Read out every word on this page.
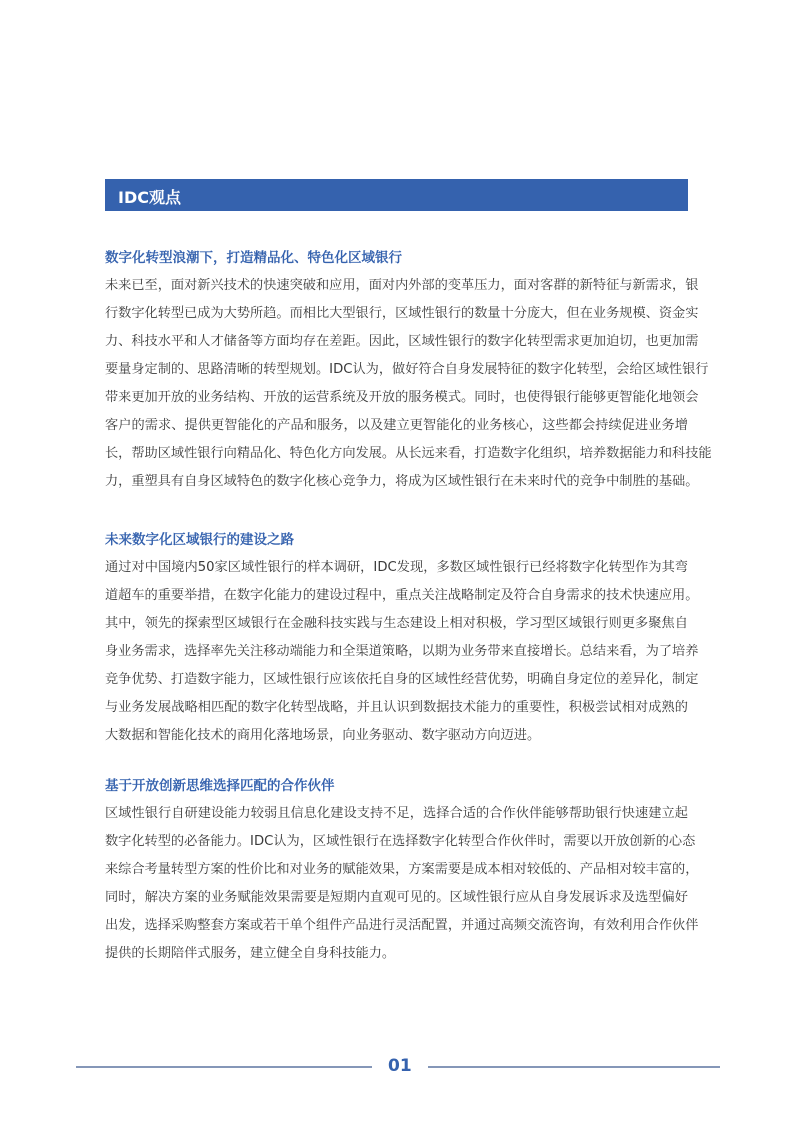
IDC观点
数字化转型浪潮下，打造精品化、特色化区域银行
未来已至，面对新兴技术的快速突破和应用，面对内外部的变革压力，面对客群的新特征与新需求，银
行数字化转型已成为大势所趋。而相比大型银行，区域性银行的数量十分庞大，但在业务规模、资金实
力、科技水平和人才储备等方面均存在差距。因此，区域性银行的数字化转型需求更加迫切，也更加需
要量身定制的、思路清晰的转型规划。IDC认为，做好符合自身发展特征的数字化转型，会给区域性银行
带来更加开放的业务结构、开放的运营系统及开放的服务模式。同时，也使得银行能够更智能化地领会
客户的需求、提供更智能化的产品和服务，以及建立更智能化的业务核心，这些都会持续促进业务增
长，帮助区域性银行向精品化、特色化方向发展。从长远来看，打造数字化组织，培养数据能力和科技能
力，重塑具有自身区域特色的数字化核心竞争力，将成为区域性银行在未来时代的竞争中制胜的基础。
未来数字化区域银行的建设之路
通过对中国境内50家区域性银行的样本调研，IDC发现，多数区域性银行已经将数字化转型作为其弯
道超车的重要举措，在数字化能力的建设过程中，重点关注战略制定及符合自身需求的技术快速应用。
其中，领先的探索型区域银行在金融科技实践与生态建设上相对积极，学习型区域银行则更多聚焦自
身业务需求，选择率先关注移动端能力和全渠道策略，以期为业务带来直接增长。总结来看，为了培养
竞争优势、打造数字能力，区域性银行应该依托自身的区域性经营优势，明确自身定位的差异化，制定
与业务发展战略相匹配的数字化转型战略，并且认识到数据技术能力的重要性，积极尝试相对成熟的
大数据和智能化技术的商用化落地场景，向业务驱动、数字驱动方向迈进。
基于开放创新思维选择匹配的合作伙伴
区域性银行自研建设能力较弱且信息化建设支持不足，选择合适的合作伙伴能够帮助银行快速建立起
数字化转型的必备能力。IDC认为，区域性银行在选择数字化转型合作伙伴时，需要以开放创新的心态
来综合考量转型方案的性价比和对业务的赋能效果，方案需要是成本相对较低的、产品相对较丰富的，
同时，解决方案的业务赋能效果需要是短期内直观可见的。区域性银行应从自身发展诉求及选型偏好
出发，选择采购整套方案或若干单个组件产品进行灵活配置，并通过高频交流咨询，有效利用合作伙伴
提供的长期陪伴式服务，建立健全自身科技能力。
01
